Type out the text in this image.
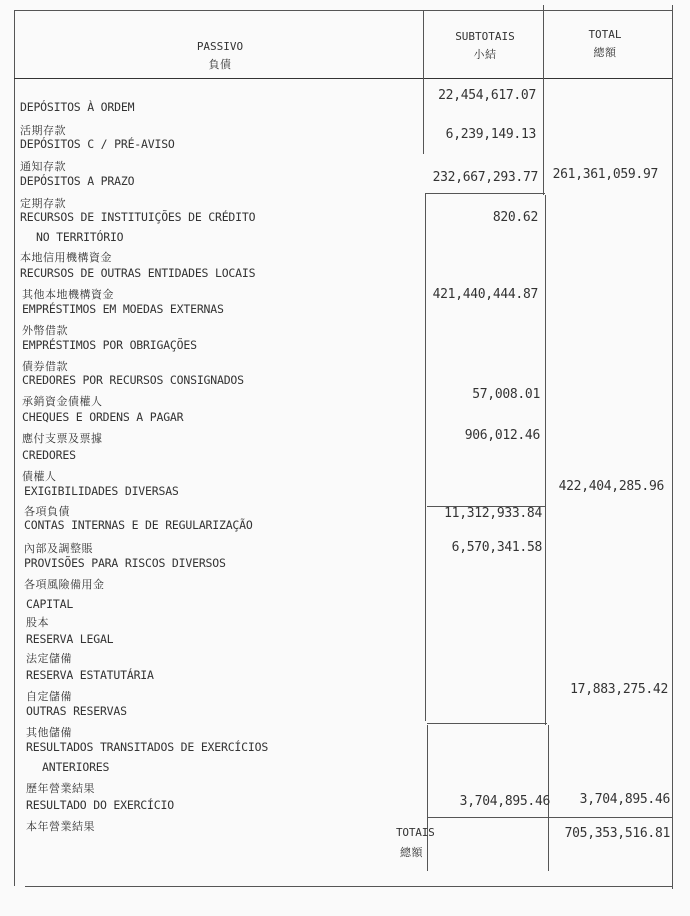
PASSIVO
負債
SUBTOTAIS
小結
TOTAL
總額
DEPÓSITOS À ORDEM
活期存款
DEPÓSITOS C / PRÉ-AVISO
通知存款
DEPÓSITOS A PRAZO
定期存款
RECURSOS DE INSTITUIÇÕES DE CRÉDITO
NO TERRITÓRIO
本地信用機構資金
RECURSOS DE OUTRAS ENTIDADES LOCAIS
其他本地機構資金
EMPRÉSTIMOS EM MOEDAS EXTERNAS
外幣借款
EMPRÉSTIMOS POR OBRIGAÇÕES
債券借款
CREDORES POR RECURSOS CONSIGNADOS
承銷資金債權人
CHEQUES E ORDENS A PAGAR
應付支票及票據
CREDORES
債權人
EXIGIBILIDADES DIVERSAS
各項負債
CONTAS INTERNAS E DE REGULARIZAÇÃO
內部及調整賬
PROVISÕES PARA RISCOS DIVERSOS
各項風險備用金
CAPITAL
股本
RESERVA LEGAL
法定儲備
RESERVA ESTATUTÁRIA
自定儲備
OUTRAS RESERVAS
其他儲備
RESULTADOS TRANSITADOS DE EXERCÍCIOS
ANTERIORES
歷年營業結果
RESULTADO DO EXERCÍCIO
本年營業結果
22,454,617.07
6,239,149.13
232,667,293.77
820.62
421,440,444.87
57,008.01
906,012.46
11,312,933.84
6,570,341.58
3,704,895.46
261,361,059.97
422,404,285.96
17,883,275.42
3,704,895.46
705,353,516.81
TOTAIS
總額
